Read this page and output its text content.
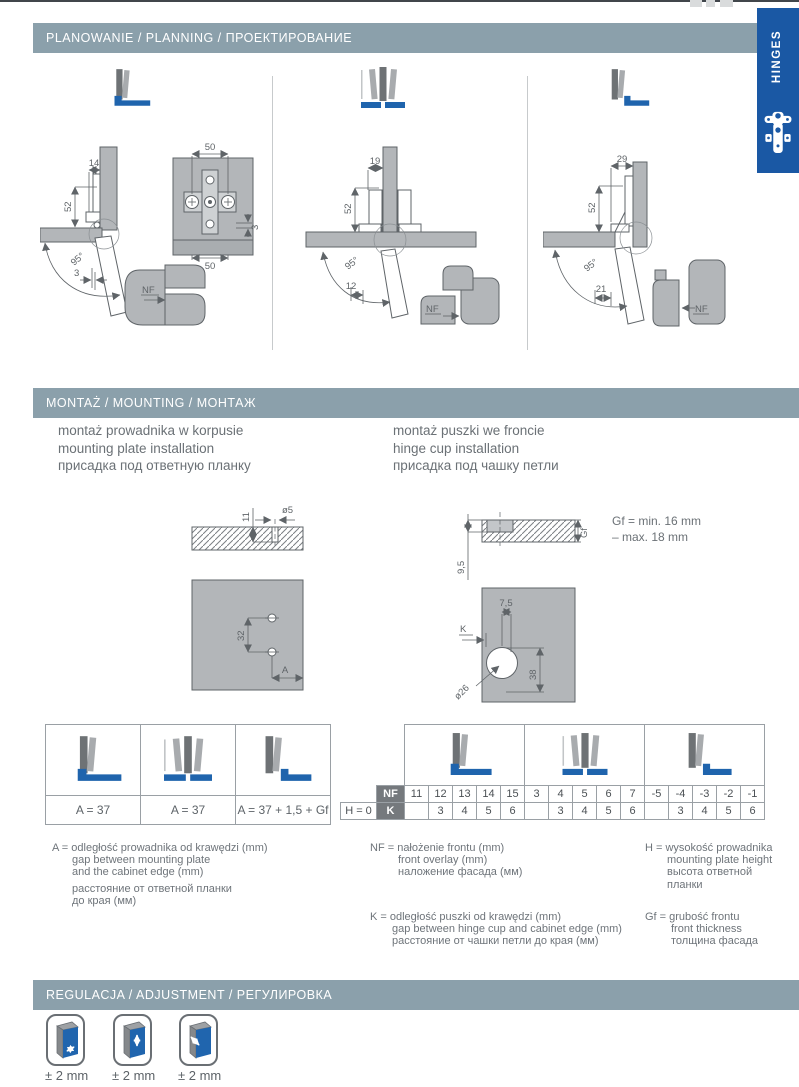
PLANOWANIE / PLANNING / ПРОЕКТИРОВАНИЕ	HINGES
95°
14
52
3
50
3
50
NF
95°
19
52
12
NF
95°
29
52
21
NF
MONTAŻ / MOUNTING / МОНТАЖ
montaż prowadnika w korpusie
mounting plate installation
присадка под ответную планку
montaż puszki we froncie
hinge cup installation
присадка под чашку петли
ø5
11
32
A
9,5
Gf
Gf = min. 16 mm
– max. 18 mm
7,5
K
38
ø26

A = 37	A = 37	A = 37 + 1,5 + Gf

	NF	11	12	13	14	15	3	4	5	6	7	-5	-4	-3	-2	-1
H = 0	K		3	4	5	6		3	4	5	6		3	4	5	6
A = odległość prowadnika od krawędzi (mm)
gap between mounting plate
and the cabinet edge (mm)
расстояние от ответной планки
до края (мм)
NF = nałożenie frontu (mm)
front overlay (mm)
наложение фасада (мм)
K = odległość puszki od krawędzi (mm)
gap between hinge cup and cabinet edge (mm)
расстояние от чашки петли до края (мм)
H = wysokość prowadnika
mounting plate height
высота ответной
планки
Gf = grubość frontu
front thickness
толщина фасада
REGULACJA / ADJUSTMENT / РЕГУЛИРОВКА
± 2 mm ± 2 mm ± 2 mm
